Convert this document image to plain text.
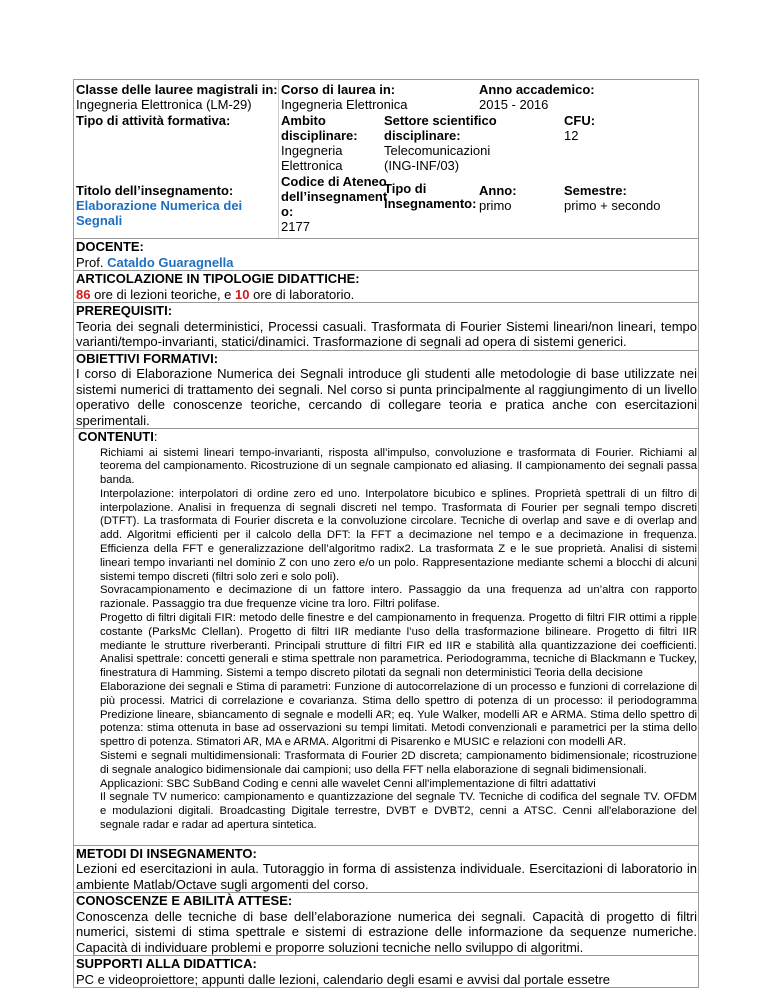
Classe delle lauree magistrali in:
Ingegneria Elettronica (LM-29)
Corso di laurea in:
Ingegneria Elettronica
Anno accademico:
2015 - 2016
Tipo di attività formativa:	Ambito
disciplinare:
Ingegneria
Elettronica
Settore scientifico
disciplinare:
Telecomunicazioni
(ING-INF/03)
CFU:
12
Titolo dell’insegnamento:
Elaborazione Numerica dei
Segnali
Codice di Ateneo
dell’insegnament
o:
2177
Tipo di
insegnamento:
Anno:
primo
Semestre:
primo + secondo
DOCENTE:
Prof. Cataldo Guaragnella
ARTICOLAZIONE IN TIPOLOGIE DIDATTICHE:
86 ore di lezioni teoriche, e 10 ore di laboratorio.
PREREQUISITI:
Teoria dei segnali deterministici, Processi casuali. Trasformata di Fourier Sistemi lineari/non lineari, tempo varianti/tempo-invarianti, statici/dinamici. Trasformazione di segnali ad opera di sistemi generici.
OBIETTIVI FORMATIVI:
I corso di Elaborazione Numerica dei Segnali introduce gli studenti alle metodologie di base utilizzate nei sistemi numerici di trattamento dei segnali. Nel corso si punta principalmente al raggiungimento di un livello operativo delle conoscenze teoriche, cercando di collegare teoria e pratica anche con esercitazioni sperimentali.
CONTENUTI:
Richiami ai sistemi lineari tempo-invarianti, risposta all’impulso, convoluzione e trasformata di Fourier. Richiami al teorema del campionamento. Ricostruzione di un segnale campionato ed aliasing. Il campionamento dei segnali passa banda.
Interpolazione: interpolatori di ordine zero ed uno. Interpolatore bicubico e splines. Proprietà spettrali di un filtro di interpolazione. Analisi in frequenza di segnali discreti nel tempo. Trasformata di Fourier per segnali tempo discreti (DTFT). La trasformata di Fourier discreta e la convoluzione circolare. Tecniche di overlap and save e di overlap and add. Algoritmi efficienti per il calcolo della DFT: la FFT a decimazione nel tempo e a decimazione in frequenza. Efficienza della FFT e generalizzazione dell’algoritmo radix2. La trasformata Z e le sue proprietà. Analisi di sistemi lineari tempo invarianti nel dominio Z con uno zero e/o un polo. Rappresentazione mediante schemi a blocchi di alcuni sistemi tempo discreti (filtri solo zeri e solo poli).
Sovracampionamento e decimazione di un fattore intero. Passaggio da una frequenza ad un’altra con rapporto razionale. Passaggio tra due frequenze vicine tra loro. Filtri polifase.
Progetto di filtri digitali FIR: metodo delle finestre e del campionamento in frequenza. Progetto di filtri FIR ottimi a ripple costante (ParksMc Clellan). Progetto di filtri IIR mediante l’uso della trasformazione bilineare. Progetto di filtri IIR mediante le strutture riverberanti. Principali strutture di filtri FIR ed IIR e stabilità alla quantizzazione dei coefficienti. Analisi spettrale: concetti generali e stima spettrale non parametrica. Periodogramma, tecniche di Blackmann e Tuckey, finestratura di Hamming. Sistemi a tempo discreto pilotati da segnali non deterministici Teoria della decisione
Elaborazione dei segnali e Stima di parametri: Funzione di autocorrelazione di un processo e funzioni di correlazione di più processi. Matrici di correlazione e covarianza. Stima dello spettro di potenza di un processo: il periodogramma Predizione lineare, sbiancamento di segnale e modelli AR; eq. Yule Walker, modelli AR e ARMA. Stima dello spettro di potenza: stima ottenuta in base ad osservazioni su tempi limitati. Metodi convenzionali e parametrici per la stima dello spettro di potenza. Stimatori AR, MA e ARMA. Algoritmi di Pisarenko e MUSIC e relazioni con modelli AR.
Sistemi e segnali multidimensionali: Trasformata di Fourier 2D discreta; campionamento bidimensionale; ricostruzione di segnale analogico bidimensionale dai campioni; uso della FFT nella elaborazione di segnali bidimensionali.
Applicazioni: SBC SubBand Coding e cenni alle wavelet Cenni all'implementazione di filtri adattativi
Il segnale TV numerico: campionamento e quantizzazione del segnale TV. Tecniche di codifica del segnale TV. OFDM e modulazioni digitali. Broadcasting Digitale terrestre, DVBT e DVBT2, cenni a ATSC. Cenni all'elaborazione del segnale radar e radar ad apertura sintetica.
METODI DI INSEGNAMENTO:
Lezioni ed esercitazioni in aula. Tutoraggio in forma di assistenza individuale. Esercitazioni di laboratorio in ambiente Matlab/Octave sugli argomenti del corso.
CONOSCENZE E ABILITÀ ATTESE:
Conoscenza delle tecniche di base dell’elaborazione numerica dei segnali. Capacità di progetto di filtri numerici, sistemi di stima spettrale e sistemi di estrazione delle informazione da sequenze numeriche. Capacità di individuare problemi e proporre soluzioni tecniche nello sviluppo di algoritmi.
SUPPORTI ALLA DIDATTICA:
PC e videoproiettore; appunti dalle lezioni, calendario degli esami e avvisi dal portale essetre
